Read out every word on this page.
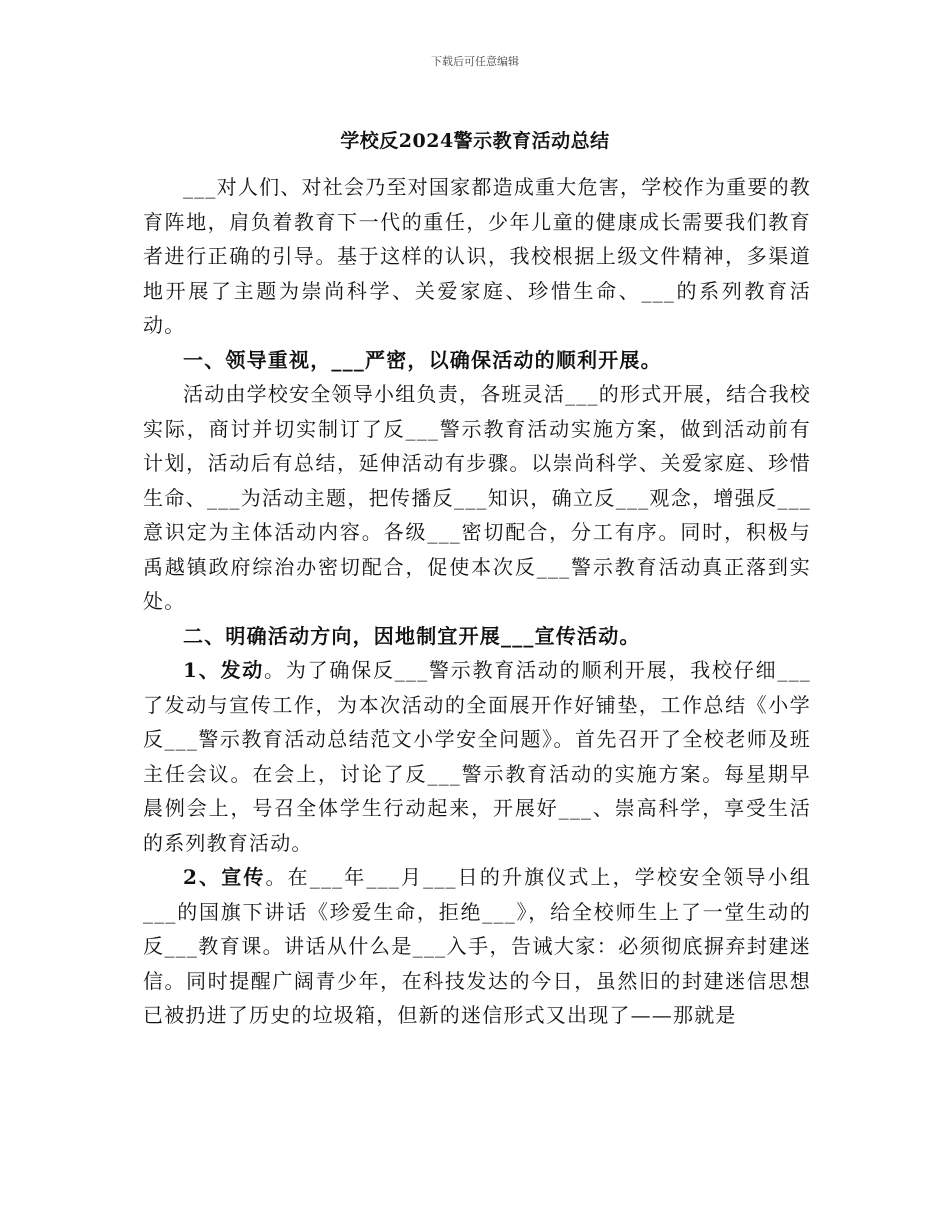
下载后可任意编辑
学校反2024警示教育活动总结

___对人们、对社会乃至对国家都造成重大危害，学校作为重要的教育阵地，肩负着教育下一代的重任，少年儿童的健康成长需要我们教育者进行正确的引导。基于这样的认识，我校根据上级文件精神，多渠道地开展了主题为崇尚科学、关爱家庭、珍惜生命、___的系列教育活动。

一、领导重视，___严密，以确保活动的顺利开展。

活动由学校安全领导小组负责，各班灵活___的形式开展，结合我校实际，商讨并切实制订了反___警示教育活动实施方案，做到活动前有计划，活动后有总结，延伸活动有步骤。以崇尚科学、关爱家庭、珍惜生命、___为活动主题，把传播反___知识，确立反___观念，增强反___意识定为主体活动内容。各级___密切配合，分工有序。同时，积极与禹越镇政府综治办密切配合，促使本次反___警示教育活动真正落到实处。

二、明确活动方向，因地制宜开展___宣传活动。

1、发动。为了确保反___警示教育活动的顺利开展，我校仔细___了发动与宣传工作，为本次活动的全面展开作好铺垫，工作总结《小学反___警示教育活动总结范文小学安全问题》。首先召开了全校老师及班主任会议。在会上，讨论了反___警示教育活动的实施方案。每星期早晨例会上，号召全体学生行动起来，开展好___、崇高科学，享受生活的系列教育活动。

2、宣传。在___年___月___日的升旗仪式上，学校安全领导小组___的国旗下讲话《珍爱生命，拒绝___》，给全校师生上了一堂生动的反___教育课。讲话从什么是___入手，告诫大家：必须彻底摒弃封建迷信。同时提醒广阔青少年，在科技发达的今日，虽然旧的封建迷信思想已被扔进了历史的垃圾箱，但新的迷信形式又出现了——那就是
